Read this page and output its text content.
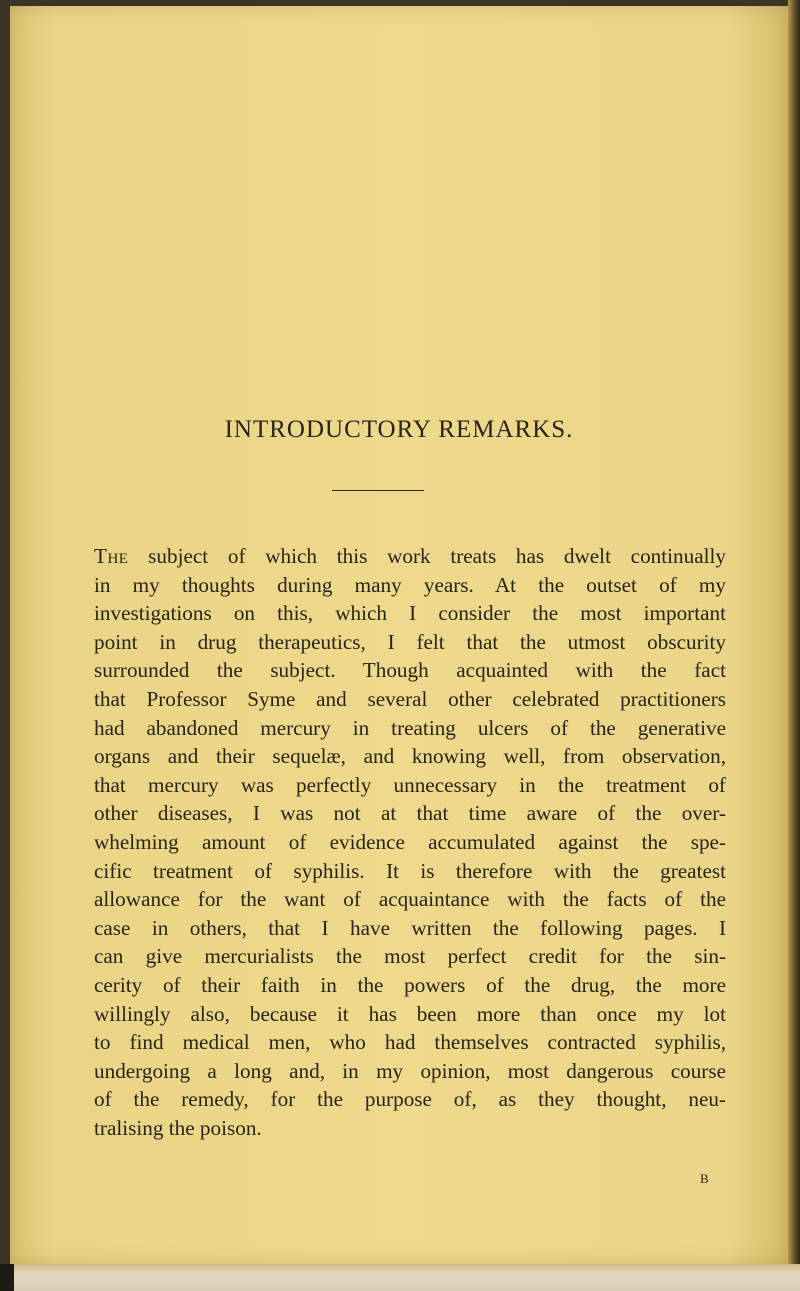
INTRODUCTORY REMARKS.

The subject of which this work treats has dwelt continually
in my thoughts during many years. At the outset of my
investigations on this, which I consider the most important
point in drug therapeutics, I felt that the utmost obscurity
surrounded the subject. Though acquainted with the fact
that Professor Syme and several other celebrated practitioners
had abandoned mercury in treating ulcers of the generative
organs and their sequelæ, and knowing well, from observation,
that mercury was perfectly unnecessary in the treatment of
other diseases, I was not at that time aware of the over-
whelming amount of evidence accumulated against the spe-
cific treatment of syphilis. It is therefore with the greatest
allowance for the want of acquaintance with the facts of the
case in others, that I have written the following pages. I
can give mercurialists the most perfect credit for the sin-
cerity of their faith in the powers of the drug, the more
willingly also, because it has been more than once my lot
to find medical men, who had themselves contracted syphilis,
undergoing a long and, in my opinion, most dangerous course
of the remedy, for the purpose of, as they thought, neu-
tralising the poison.

B
